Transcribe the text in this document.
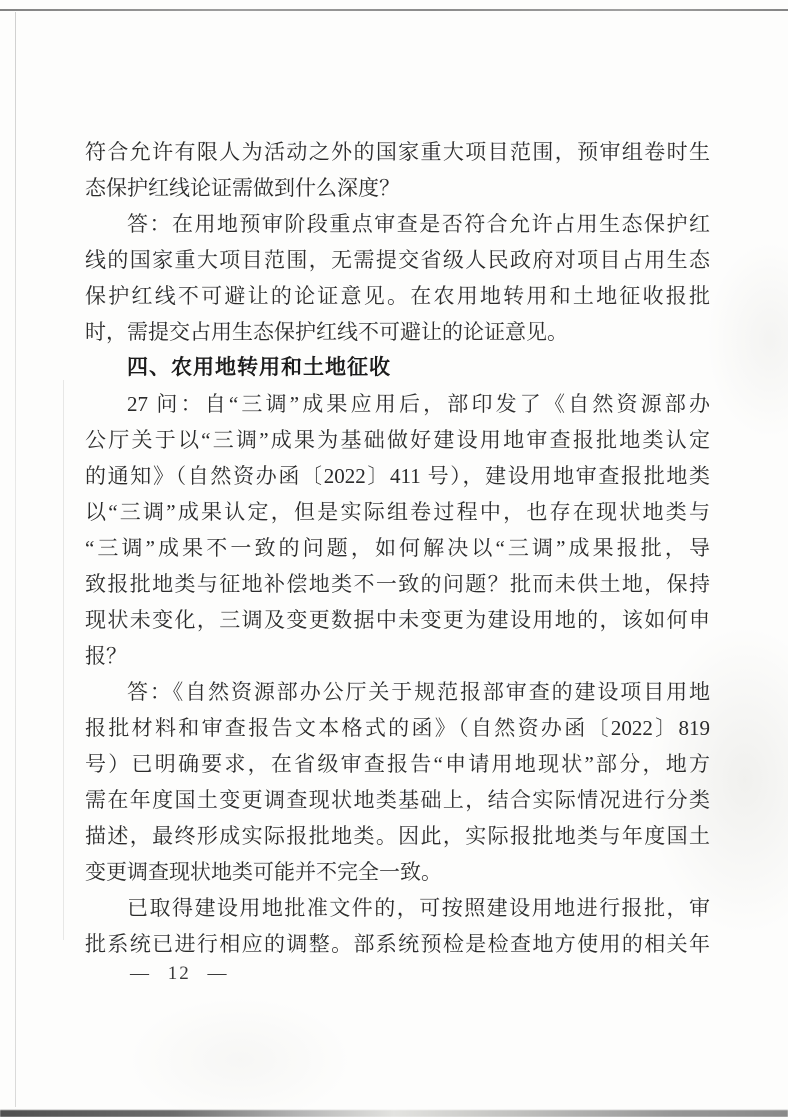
符合允许有限人为活动之外的国家重大项目范围，预审组卷时生
态保护红线论证需做到什么深度？
答：在用地预审阶段重点审查是否符合允许占用生态保护红
线的国家重大项目范围，无需提交省级人民政府对项目占用生态
保护红线不可避让的论证意见。在农用地转用和土地征收报批
时，需提交占用生态保护红线不可避让的论证意见。
四、农用地转用和土地征收
27 问：自“三调”成果应用后，部印发了《自然资源部办
公厅关于以“三调”成果为基础做好建设用地审查报批地类认定
的通知》（自然资办函〔2022〕411 号），建设用地审查报批地类
以“三调”成果认定，但是实际组卷过程中，也存在现状地类与
“三调”成果不一致的问题，如何解决以“三调”成果报批，导
致报批地类与征地补偿地类不一致的问题？批而未供土地，保持
现状未变化，三调及变更数据中未变更为建设用地的，该如何申
报？
答：《自然资源部办公厅关于规范报部审查的建设项目用地
报批材料和审查报告文本格式的函》（自然资办函〔2022〕819
号）已明确要求，在省级审查报告“申请用地现状”部分，地方
需在年度国土变更调查现状地类基础上，结合实际情况进行分类
描述，最终形成实际报批地类。因此，实际报批地类与年度国土
变更调查现状地类可能并不完全一致。
已取得建设用地批准文件的，可按照建设用地进行报批，审
批系统已进行相应的调整。部系统预检是检查地方使用的相关年
— 12 —
